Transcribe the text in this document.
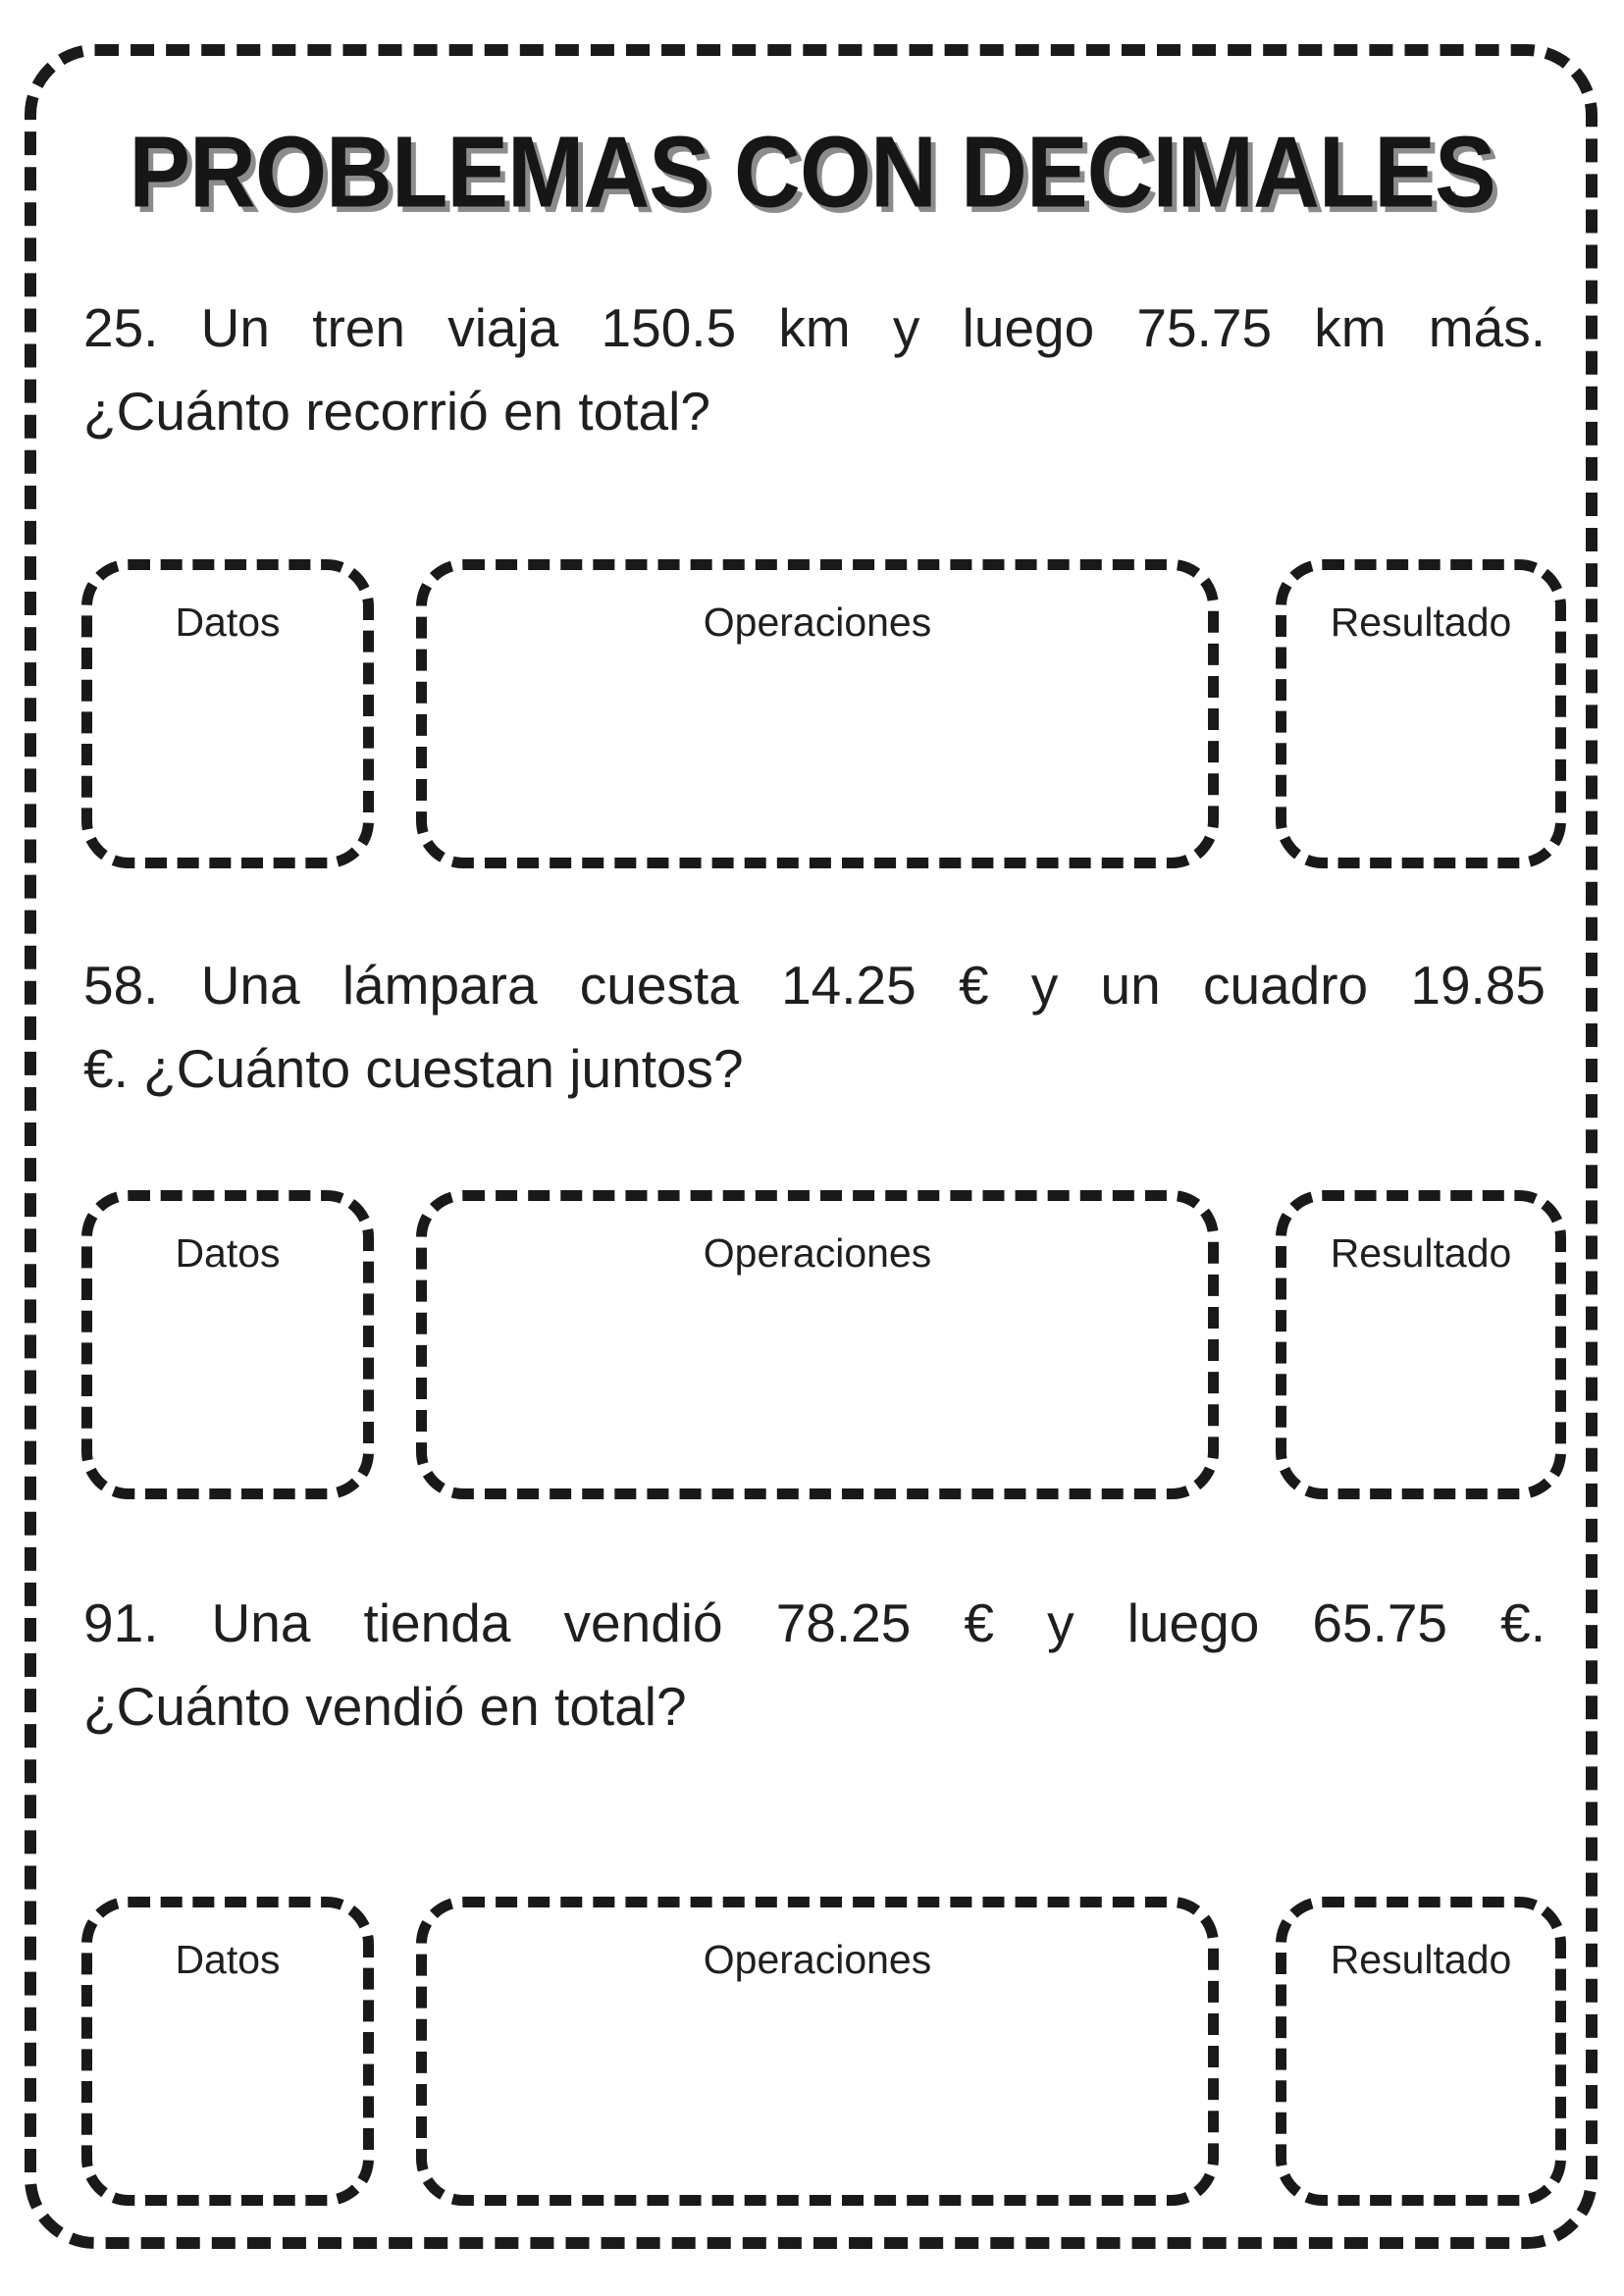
PROBLEMAS CON DECIMALES
25. Un tren viaja 150.5 km y luego 75.75 km más.
¿Cuánto recorrió en total?
Datos	Operaciones	Resultado
58. Una lámpara cuesta 14.25 € y un cuadro 19.85
€. ¿Cuánto cuestan juntos?
Datos	Operaciones	Resultado
91. Una tienda vendió 78.25 € y luego 65.75 €.
¿Cuánto vendió en total?
Datos	Operaciones	Resultado
